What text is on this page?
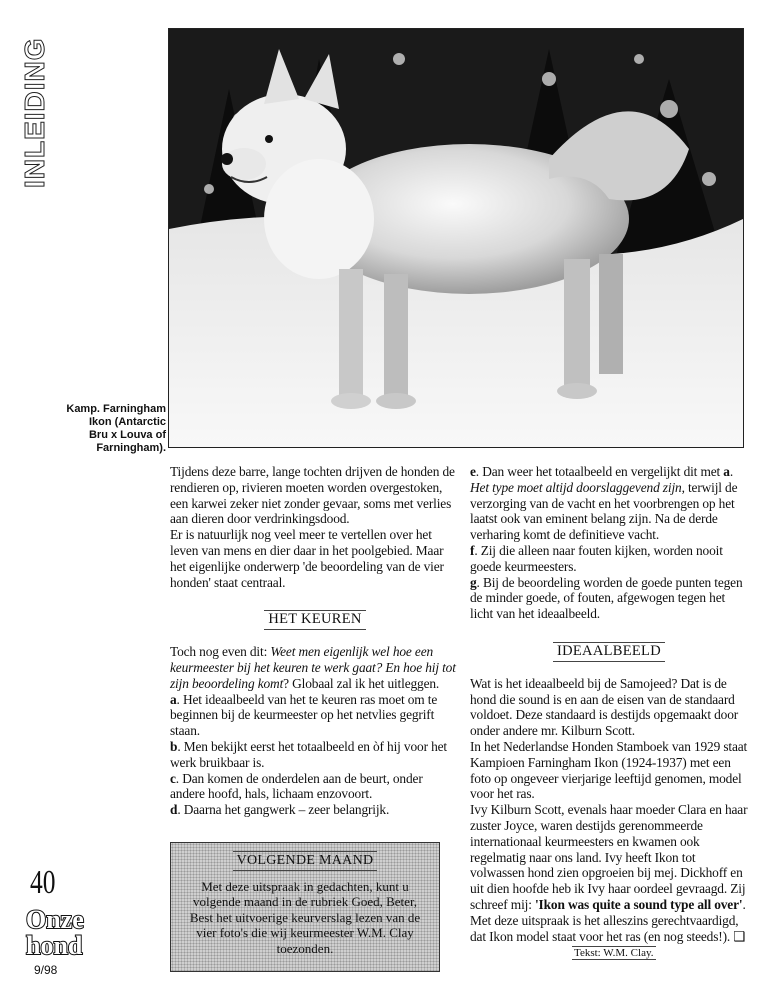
INLEIDING
Kamp. Farningham
Ikon (Antarctic
Bru x Louva of
Farningham).

Tijdens deze barre, lange tochten drijven de honden de rendieren op, rivieren moeten worden overgestoken, een karwei zeker niet zonder gevaar, soms met verlies aan dieren door verdrinkingsdood.

Er is natuurlijk nog veel meer te vertellen over het leven van mens en dier daar in het poolgebied. Maar het eigenlijke onderwerp 'de beoordeling van de vier honden' staat centraal.

HET KEUREN

Toch nog even dit: Weet men eigenlijk wel hoe een keurmeester bij het keuren te werk gaat? En hoe hij tot zijn beoordeling komt? Globaal zal ik het uitleggen.

a. Het ideaalbeeld van het te keuren ras moet om te beginnen bij de keurmeester op het netvlies gegrift staan.

b. Men bekijkt eerst het totaalbeeld en òf hij voor het werk bruikbaar is.

c. Dan komen de onderdelen aan de beurt, onder andere hoofd, hals, lichaam enzovoort.

d. Daarna het gangwerk – zeer belangrijk.

VOLGENDE MAAND
Met deze uitspraak in gedachten, kunt u volgende maand in de rubriek Goed, Beter, Best het uitvoerige keurverslag lezen van de vier foto's die wij keurmeester W.M. Clay toezonden.

e. Dan weer het totaalbeeld en vergelijkt dit met a.
Het type moet altijd doorslaggevend zijn, terwijl de verzorging van de vacht en het voorbrengen op het laatst ook van eminent belang zijn. Na de derde verharing komt de definitieve vacht.

f. Zij die alleen naar fouten kijken, worden nooit goede keurmeesters.

g. Bij de beoordeling worden de goede punten tegen de minder goede, of fouten, afgewogen tegen het licht van het ideaalbeeld.

IDEAALBEELD

Wat is het ideaalbeeld bij de Samojeed? Dat is de hond die sound is en aan de eisen van de standaard voldoet. Deze standaard is destijds opgemaakt door onder andere mr. Kilburn Scott.

In het Nederlandse Honden Stamboek van 1929 staat Kampioen Farningham Ikon (1924-1937) met een foto op ongeveer vierjarige leeftijd genomen, model voor het ras.

Ivy Kilburn Scott, evenals haar moeder Clara en haar zuster Joyce, waren destijds gerenommeerde internationaal keurmeesters en kwamen ook regelmatig naar ons land. Ivy heeft Ikon tot volwassen hond zien opgroeien bij mej. Dickhoff en uit dien hoofde heb ik Ivy haar oordeel gevraagd. Zij schreef mij: 'Ikon was quite a sound type all over'.

Met deze uitspraak is het alleszins gerechtvaardigd, dat Ikon model staat voor het ras (en nog steeds!). ❑

Tekst: W.M. Clay.
40
Onze
hond
9/98
